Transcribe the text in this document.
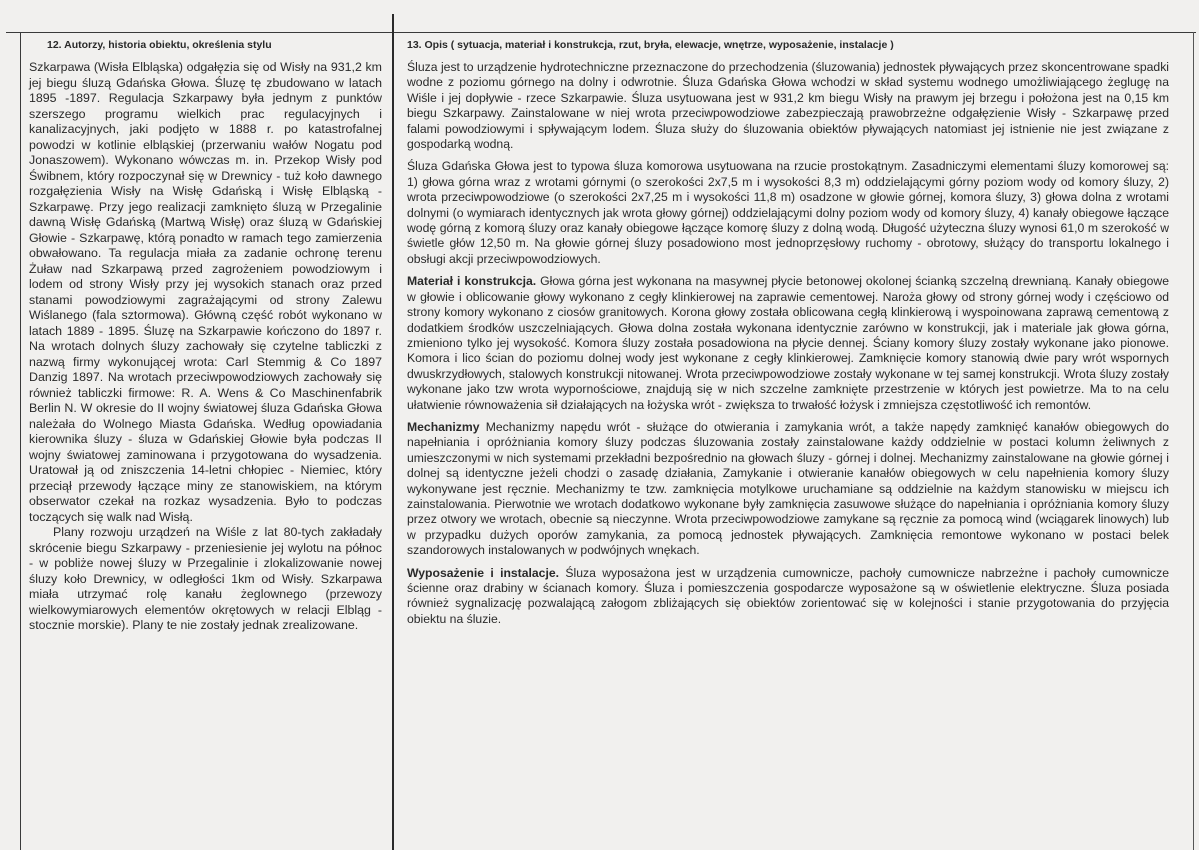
12. Autorzy, historia obiektu, określenia stylu

Szkarpawa (Wisła Elbląska) odgałęzia się od Wisły na 931,2 km jej biegu śluzą Gdańska Głowa. Śluzę tę zbudowano w latach 1895 -1897. Regulacja Szkarpawy była jednym z punktów szerszego programu wielkich prac regulacyjnych i kanalizacyjnych, jaki podjęto w 1888 r. po katastrofalnej powodzi w kotlinie elbląskiej (przerwaniu wałów Nogatu pod Jonaszowem). Wykonano wówczas m. in. Przekop Wisły pod Świbnem, który rozpoczynał się w Drewnicy - tuż koło dawnego rozgałęzienia Wisły na Wisłę Gdańską i Wisłę Elbląską - Szkarpawę. Przy jego realizacji zamknięto śluzą w Przegalinie dawną Wisłę Gdańską (Martwą Wisłę) oraz śluzą w Gdańskiej Głowie - Szkarpawę, którą ponadto w ramach tego zamierzenia obwałowano. Ta regulacja miała za zadanie ochronę terenu Żuław nad Szkarpawą przed zagrożeniem powodziowym i lodem od strony Wisły przy jej wysokich stanach oraz przed stanami powodziowymi zagrażającymi od strony Zalewu Wiślanego (fala sztormowa). Główną część robót wykonano w latach 1889 - 1895. Śluzę na Szkarpawie kończono do 1897 r. Na wrotach dolnych śluzy zachowały się czytelne tabliczki z nazwą firmy wykonującej wrota: Carl Stemmig & Co 1897 Danzig 1897. Na wrotach przeciwpowodziowych zachowały się również tabliczki firmowe: R. A. Wens & Co Maschinenfabrik Berlin N. W okresie do II wojny światowej śluza Gdańska Głowa należała do Wolnego Miasta Gdańska. Według opowiadania kierownika śluzy - śluza w Gdańskiej Głowie była podczas II wojny światowej zaminowana i przygotowana do wysadzenia. Uratował ją od zniszczenia 14-letni chłopiec - Niemiec, który przeciął przewody łączące miny ze stanowiskiem, na którym obserwator czekał na rozkaz wysadzenia. Było to podczas toczących się walk nad Wisłą.

Plany rozwoju urządzeń na Wiśle z lat 80-tych zakładały skrócenie biegu Szkarpawy - przeniesienie jej wylotu na północ - w pobliże nowej śluzy w Przegalinie i zlokalizowanie nowej śluzy koło Drewnicy, w odległości 1km od Wisły. Szkarpawa miała utrzymać rolę kanału żeglownego (przewozy wielkowymiarowych elementów okrętowych w relacji Elbląg - stocznie morskie). Plany te nie zostały jednak zrealizowane.

13. Opis ( sytuacja, materiał i konstrukcja, rzut, bryła, elewacje, wnętrze, wyposażenie, instalacje )

Śluza jest to urządzenie hydrotechniczne przeznaczone do przechodzenia (śluzowania) jednostek pływających przez skoncentrowane spadki wodne z poziomu górnego na dolny i odwrotnie. Śluza Gdańska Głowa wchodzi w skład systemu wodnego umożliwiającego żeglugę na Wiśle i jej dopływie - rzece Szkarpawie. Śluza usytuowana jest w 931,2 km biegu Wisły na prawym jej brzegu i położona jest na 0,15 km biegu Szkarpawy. Zainstalowane w niej wrota przeciwpowodziowe zabezpieczają prawobrzeżne odgałęzienie Wisły - Szkarpawę przed falami powodziowymi i spływającym lodem. Śluza służy do śluzowania obiektów pływających natomiast jej istnienie nie jest związane z gospodarką wodną.

Śluza Gdańska Głowa jest to typowa śluza komorowa usytuowana na rzucie prostokątnym. Zasadniczymi elementami śluzy komorowej są: 1) głowa górna wraz z wrotami górnymi (o szerokości 2x7,5 m i wysokości 8,3 m) oddzielającymi górny poziom wody od komory śluzy, 2) wrota przeciwpowodziowe (o szerokości 2x7,25 m i wysokości 11,8 m) osadzone w głowie górnej, komora śluzy, 3) głowa dolna z wrotami dolnymi (o wymiarach identycznych jak wrota głowy górnej) oddzielającymi dolny poziom wody od komory śluzy, 4) kanały obiegowe łączące wodę górną z komorą śluzy oraz kanały obiegowe łączące komorę śluzy z dolną wodą. Długość użyteczna śluzy wynosi 61,0 m szerokość w świetle głów 12,50 m. Na głowie górnej śluzy posadowiono most jednoprzęsłowy ruchomy - obrotowy, służący do transportu lokalnego i obsługi akcji przeciwpowodziowych.

Materiał i konstrukcja. Głowa górna jest wykonana na masywnej płycie betonowej okolonej ścianką szczelną drewnianą. Kanały obiegowe w głowie i oblicowanie głowy wykonano z cegły klinkierowej na zaprawie cementowej. Naroża głowy od strony górnej wody i częściowo od strony komory wykonano z ciosów granitowych. Korona głowy została oblicowana cegłą klinkierową i wyspoinowana zaprawą cementową z dodatkiem środków uszczelniających. Głowa dolna została wykonana identycznie zarówno w konstrukcji, jak i materiale jak głowa górna, zmieniono tylko jej wysokość. Komora śluzy została posadowiona na płycie dennej. Ściany komory śluzy zostały wykonane jako pionowe. Komora i lico ścian do poziomu dolnej wody jest wykonane z cegły klinkierowej. Zamknięcie komory stanowią dwie pary wrót wspornych dwuskrzydłowych, stalowych konstrukcji nitowanej. Wrota przeciwpowodziowe zostały wykonane w tej samej konstrukcji. Wrota śluzy zostały wykonane jako tzw wrota wypornościowe, znajdują się w nich szczelne zamknięte przestrzenie w których jest powietrze. Ma to na celu ułatwienie równoważenia sił działających na łożyska wrót - zwiększa to trwałość łożysk i zmniejsza częstotliwość ich remontów.

Mechanizmy Mechanizmy napędu wrót - służące do otwierania i zamykania wrót, a także napędy zamknięć kanałów obiegowych do napełniania i opróżniania komory śluzy podczas śluzowania zostały zainstalowane każdy oddzielnie w postaci kolumn żeliwnych z umieszczonymi w nich systemami przekładni bezpośrednio na głowach śluzy - górnej i dolnej. Mechanizmy zainstalowane na głowie górnej i dolnej są identyczne jeżeli chodzi o zasadę działania, Zamykanie i otwieranie kanałów obiegowych w celu napełnienia komory śluzy wykonywane jest ręcznie. Mechanizmy te tzw. zamknięcia motylkowe uruchamiane są oddzielnie na każdym stanowisku w miejscu ich zainstalowania. Pierwotnie we wrotach dodatkowo wykonane były zamknięcia zasuwowe służące do napełniania i opróżniania komory śluzy przez otwory we wrotach, obecnie są nieczynne. Wrota przeciwpowodziowe zamykane są ręcznie za pomocą wind (wciągarek linowych) lub w przypadku dużych oporów zamykania, za pomocą jednostek pływających. Zamknięcia remontowe wykonano w postaci belek szandorowych instalowanych w podwójnych wnękach.

Wyposażenie i instalacje. Śluza wyposażona jest w urządzenia cumownicze, pachoły cumownicze nabrzeżne i pachoły cumownicze ścienne oraz drabiny w ścianach komory. Śluza i pomieszczenia gospodarcze wyposażone są w oświetlenie elektryczne. Śluza posiada również sygnalizację pozwalającą załogom zbliżających się obiektów zorientować się w kolejności i stanie przygotowania do przyjęcia obiektu na śluzie.
